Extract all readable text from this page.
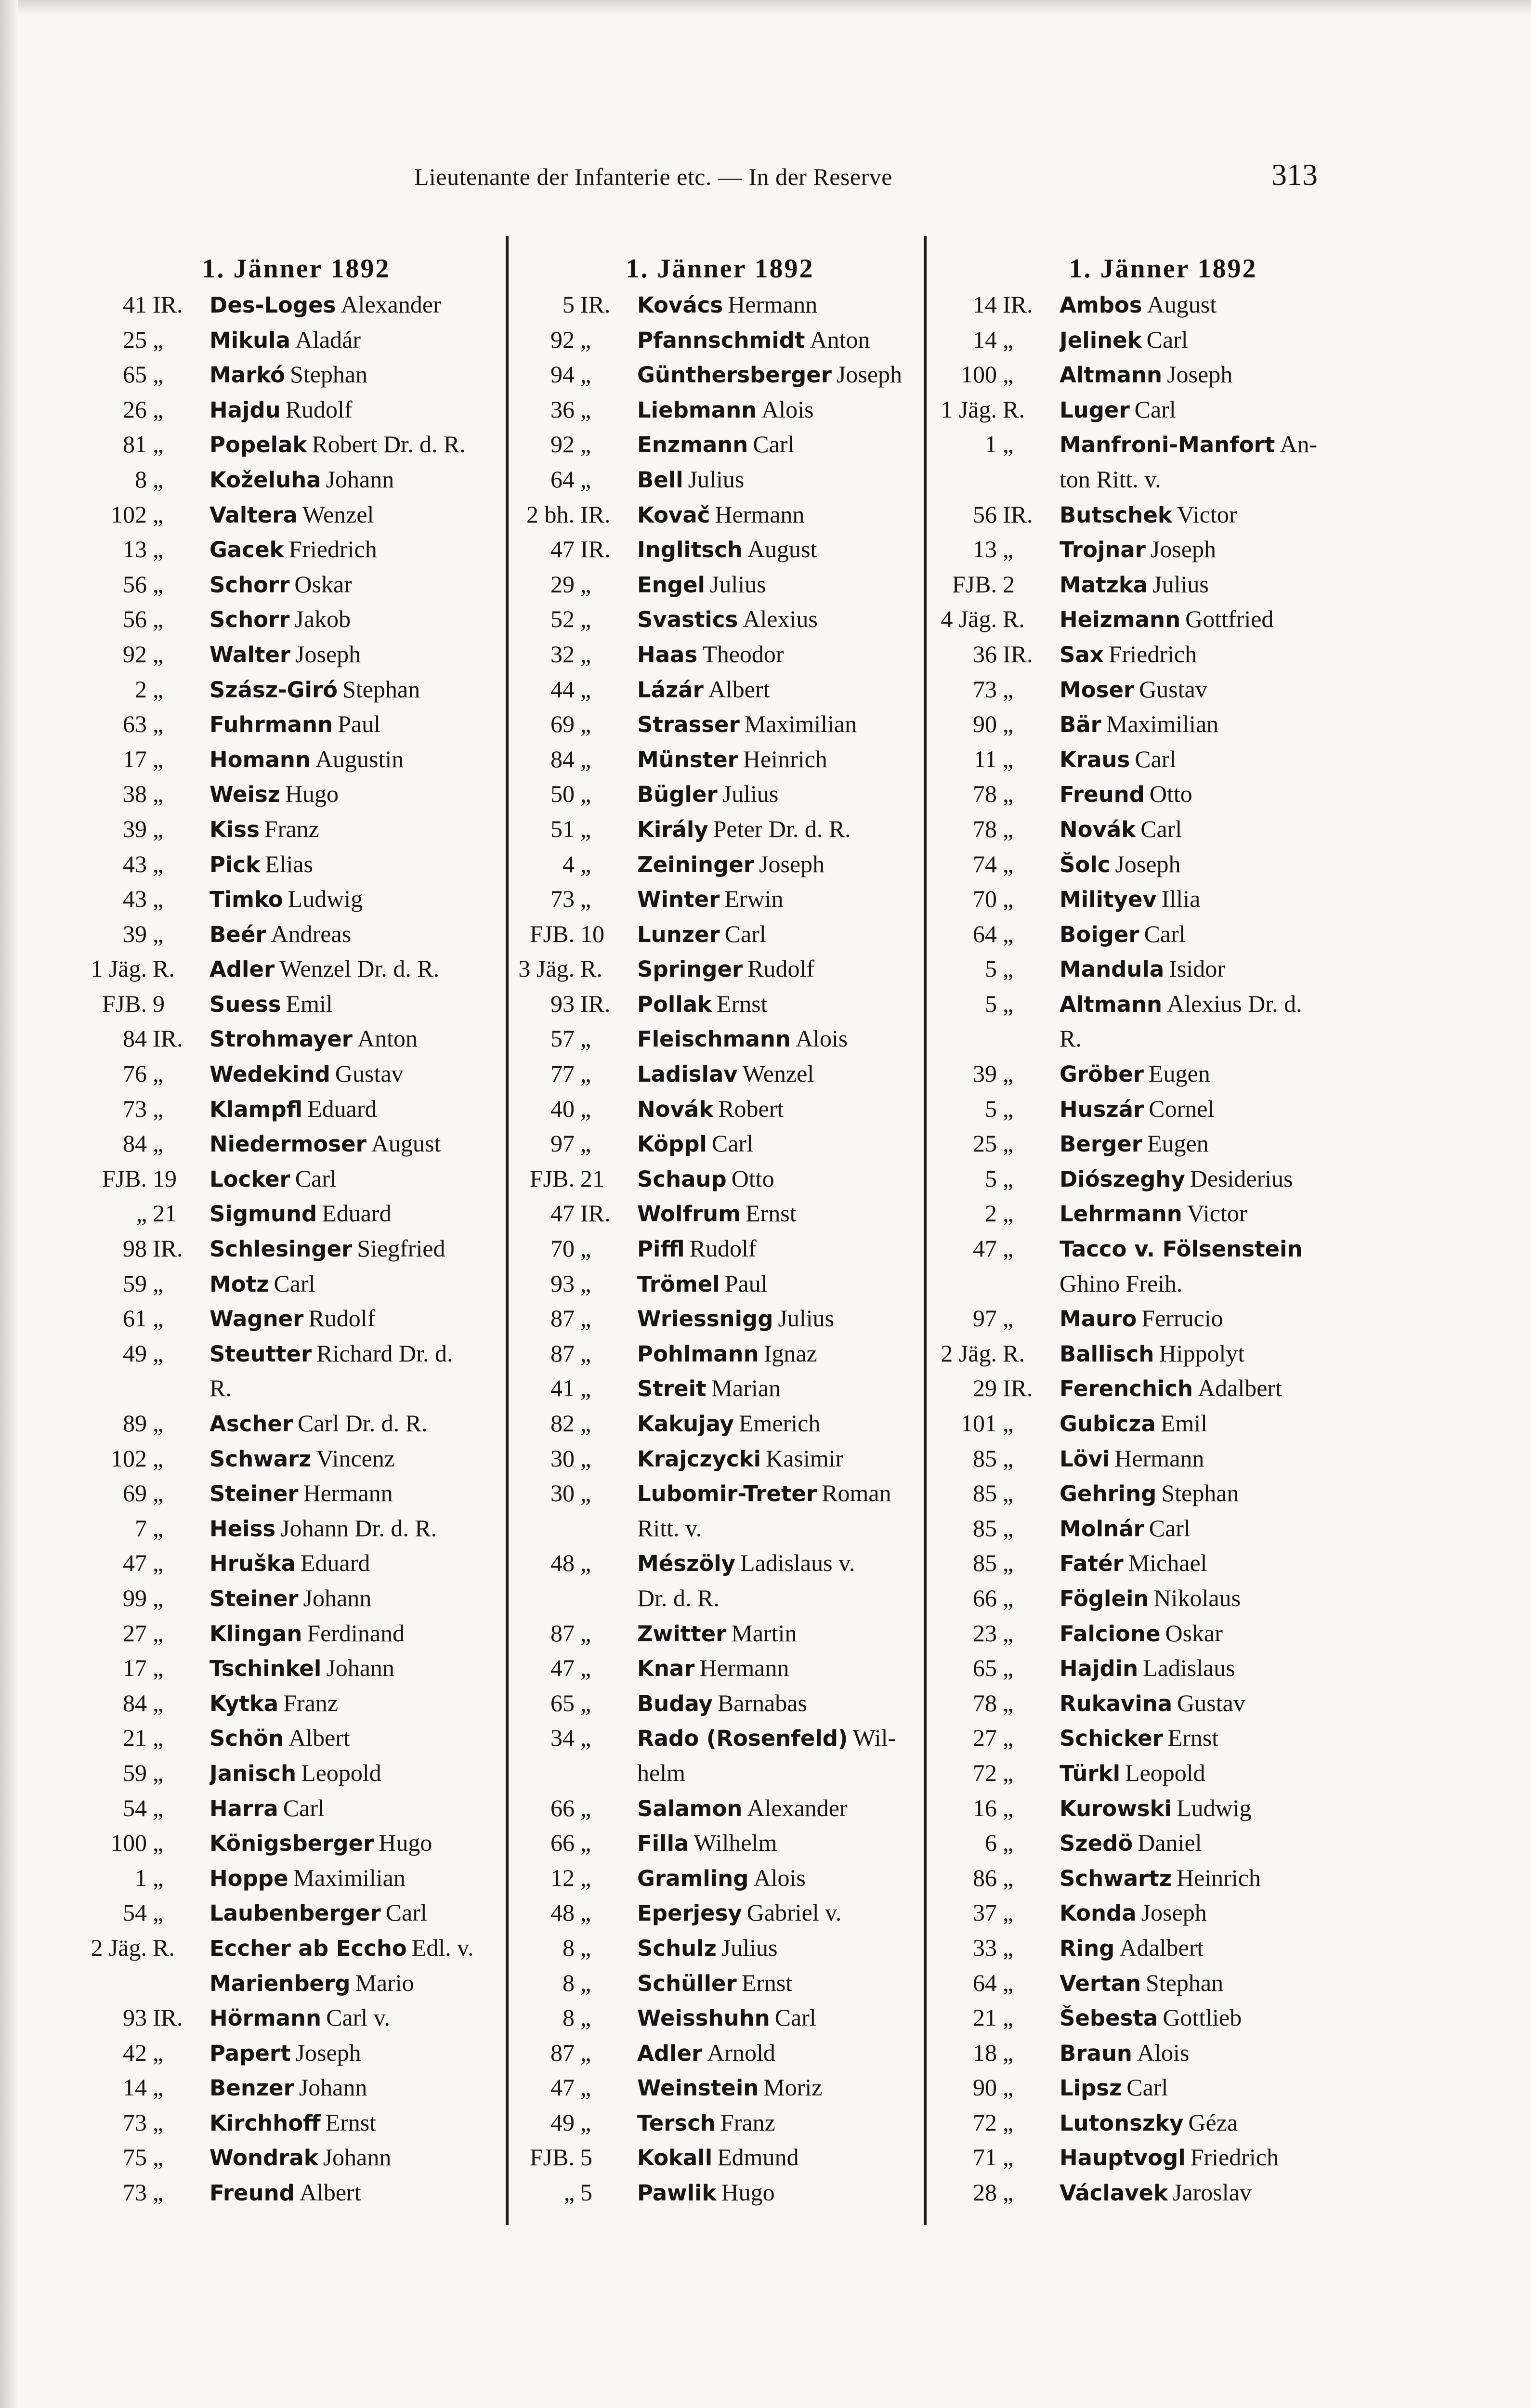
Lieutenante der Infanterie etc. — In der Reserve	313
1. Jänner 1892
41 IR.	Des-Loges Alexander
25 „	Mikula Aladár
65 „	Markó Stephan
26 „	Hajdu Rudolf
81 „	Popelak Robert Dr. d. R.
8 „	Koželuha Johann
102 „	Valtera Wenzel
13 „	Gacek Friedrich
56 „	Schorr Oskar
56 „	Schorr Jakob
92 „	Walter Joseph
2 „	Szász-Giró Stephan
63 „	Fuhrmann Paul
17 „	Homann Augustin
38 „	Weisz Hugo
39 „	Kiss Franz
43 „	Pick Elias
43 „	Timko Ludwig
39 „	Beér Andreas
1 Jäg. R.	Adler Wenzel Dr. d. R.
FJB. 9	Suess Emil
84 IR.	Strohmayer Anton
76 „	Wedekind Gustav
73 „	Klampfl Eduard
84 „	Niedermoser August
FJB. 19	Locker Carl
„ 21	Sigmund Eduard
98 IR.	Schlesinger Siegfried
59 „	Motz Carl
61 „	Wagner Rudolf
49 „	Steutter Richard Dr. d.
R.
89 „	Ascher Carl Dr. d. R.
102 „	Schwarz Vincenz
69 „	Steiner Hermann
7 „	Heiss Johann Dr. d. R.
47 „	Hruška Eduard
99 „	Steiner Johann
27 „	Klingan Ferdinand
17 „	Tschinkel Johann
84 „	Kytka Franz
21 „	Schön Albert
59 „	Janisch Leopold
54 „	Harra Carl
100 „	Königsberger Hugo
1 „	Hoppe Maximilian
54 „	Laubenberger Carl
2 Jäg. R.	Eccher ab Eccho Edl. v.
Marienberg Mario
93 IR.	Hörmann Carl v.
42 „	Papert Joseph
14 „	Benzer Johann
73 „	Kirchhoff Ernst
75 „	Wondrak Johann
73 „	Freund Albert
1. Jänner 1892
5 IR.	Kovács Hermann
92 „	Pfannschmidt Anton
94 „	Günthersberger Joseph
36 „	Liebmann Alois
92 „	Enzmann Carl
64 „	Bell Julius
2 bh. IR.	Kovač Hermann
47 IR.	Inglitsch August
29 „	Engel Julius
52 „	Svastics Alexius
32 „	Haas Theodor
44 „	Lázár Albert
69 „	Strasser Maximilian
84 „	Münster Heinrich
50 „	Bügler Julius
51 „	Király Peter Dr. d. R.
4 „	Zeininger Joseph
73 „	Winter Erwin
FJB. 10	Lunzer Carl
3 Jäg. R.	Springer Rudolf
93 IR.	Pollak Ernst
57 „	Fleischmann Alois
77 „	Ladislav Wenzel
40 „	Novák Robert
97 „	Köppl Carl
FJB. 21	Schaup Otto
47 IR.	Wolfrum Ernst
70 „	Piffl Rudolf
93 „	Trömel Paul
87 „	Wriessnigg Julius
87 „	Pohlmann Ignaz
41 „	Streit Marian
82 „	Kakujay Emerich
30 „	Krajczycki Kasimir
30 „	Lubomir-Treter Roman
Ritt. v.
48 „	Mészöly Ladislaus v.
Dr. d. R.
87 „	Zwitter Martin
47 „	Knar Hermann
65 „	Buday Barnabas
34 „	Rado (Rosenfeld) Wil-
helm
66 „	Salamon Alexander
66 „	Filla Wilhelm
12 „	Gramling Alois
48 „	Eperjesy Gabriel v.
8 „	Schulz Julius
8 „	Schüller Ernst
8 „	Weisshuhn Carl
87 „	Adler Arnold
47 „	Weinstein Moriz
49 „	Tersch Franz
FJB. 5	Kokall Edmund
„ 5	Pawlik Hugo
1. Jänner 1892
14 IR.	Ambos August
14 „	Jelinek Carl
100 „	Altmann Joseph
1 Jäg. R.	Luger Carl
1 „	Manfroni-Manfort An-
ton Ritt. v.
56 IR.	Butschek Victor
13 „	Trojnar Joseph
FJB. 2	Matzka Julius
4 Jäg. R.	Heizmann Gottfried
36 IR.	Sax Friedrich
73 „	Moser Gustav
90 „	Bär Maximilian
11 „	Kraus Carl
78 „	Freund Otto
78 „	Novák Carl
74 „	Šolc Joseph
70 „	Milityev Illia
64 „	Boiger Carl
5 „	Mandula Isidor
5 „	Altmann Alexius Dr. d.
R.
39 „	Gröber Eugen
5 „	Huszár Cornel
25 „	Berger Eugen
5 „	Diószeghy Desiderius
2 „	Lehrmann Victor
47 „	Tacco v. Fölsenstein
Ghino Freih.
97 „	Mauro Ferrucio
2 Jäg. R.	Ballisch Hippolyt
29 IR.	Ferenchich Adalbert
101 „	Gubicza Emil
85 „	Lövi Hermann
85 „	Gehring Stephan
85 „	Molnár Carl
85 „	Fatér Michael
66 „	Föglein Nikolaus
23 „	Falcione Oskar
65 „	Hajdin Ladislaus
78 „	Rukavina Gustav
27 „	Schicker Ernst
72 „	Türkl Leopold
16 „	Kurowski Ludwig
6 „	Szedö Daniel
86 „	Schwartz Heinrich
37 „	Konda Joseph
33 „	Ring Adalbert
64 „	Vertan Stephan
21 „	Šebesta Gottlieb
18 „	Braun Alois
90 „	Lipsz Carl
72 „	Lutonszky Géza
71 „	Hauptvogl Friedrich
28 „	Václavek Jaroslav
